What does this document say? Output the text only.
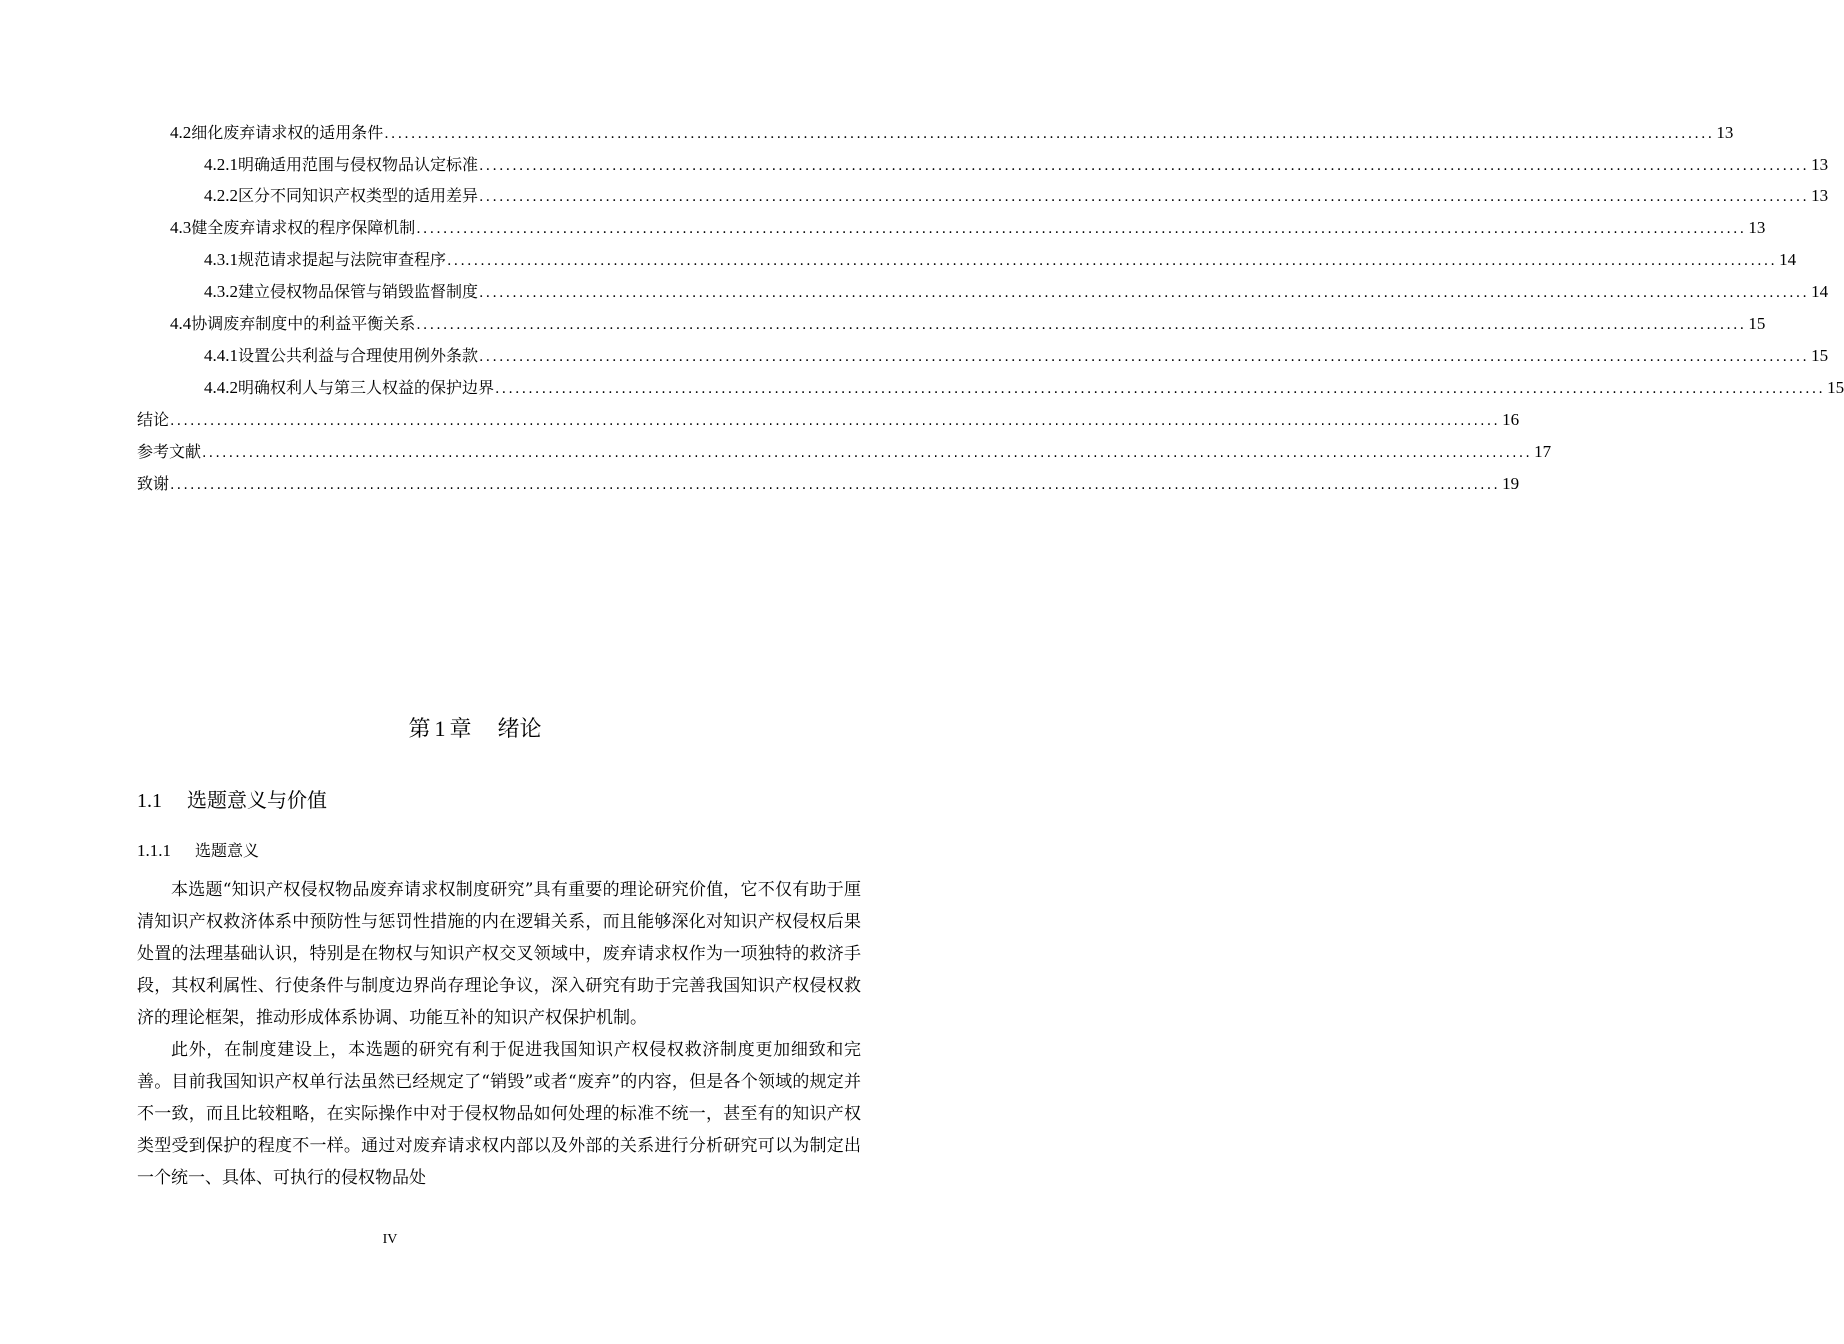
4.2 细化废弃请求权的适用条件 ........................................................................................................................................................................................................ 13
4.2.1 明确适用范围与侵权物品认定标准 ........................................................................................................................................................................................................ 13
4.2.2 区分不同知识产权类型的适用差异 ........................................................................................................................................................................................................ 13
4.3 健全废弃请求权的程序保障机制 ........................................................................................................................................................................................................ 13
4.3.1 规范请求提起与法院审查程序 ........................................................................................................................................................................................................ 14
4.3.2 建立侵权物品保管与销毁监督制度 ........................................................................................................................................................................................................ 14
4.4 协调废弃制度中的利益平衡关系 ........................................................................................................................................................................................................ 15
4.4.1 设置公共利益与合理使用例外条款 ........................................................................................................................................................................................................ 15
4.4.2 明确权利人与第三人权益的保护边界 ........................................................................................................................................................................................................ 15
结 论 ........................................................................................................................................................................................................ 16
参考文献 ........................................................................................................................................................................................................ 17
致 谢 ........................................................................................................................................................................................................ 19
第 1 章 绪论
1.1 选题意义与价值
1.1.1 选题意义

本选题“知识产权侵权物品废弃请求权制度研究”具有重要的理论研究价值，它不仅有助于厘清知识产权救济体系中预防性与惩罚性措施的内在逻辑关系，而且能够深化对知识产权侵权后果处置的法理基础认识，特别是在物权与知识产权交叉领域中，废弃请求权作为一项独特的救济手段，其权利属性、行使条件与制度边界尚存理论争议，深入研究有助于完善我国知识产权侵权救济的理论框架，推动形成体系协调、功能互补的知识产权保护机制。

此外，在制度建设上，本选题的研究有利于促进我国知识产权侵权救济制度更加细致和完善。目前我国知识产权单行法虽然已经规定了“销毁”或者“废弃”的内容，但是各个领域的规定并不一致，而且比较粗略，在实际操作中对于侵权物品如何处理的标准不统一，甚至有的知识产权类型受到保护的程度不一样。通过对废弃请求权内部以及外部的关系进行分析研究可以为制定出一个统一、具体、可执行的侵权物品处

IV
